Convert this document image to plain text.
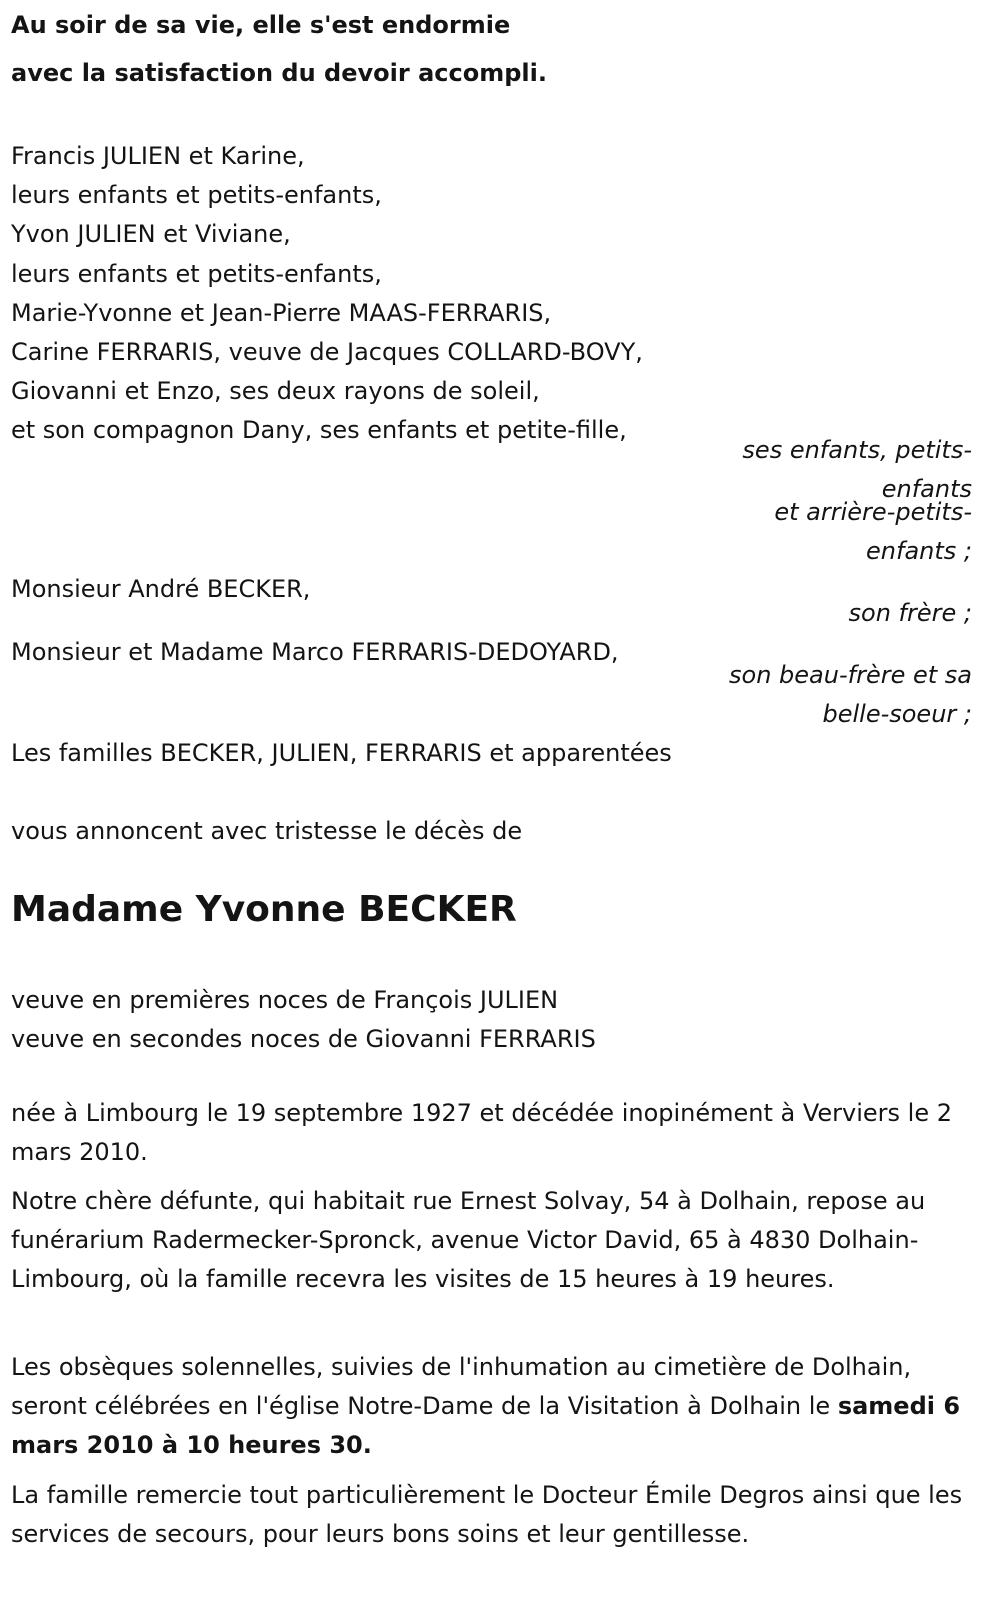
Au soir de sa vie, elle s'est endormie

avec la satisfaction du devoir accompli.

Francis JULIEN et Karine,
leurs enfants et petits-enfants,
Yvon JULIEN et Viviane,
leurs enfants et petits-enfants,
Marie-Yvonne et Jean-Pierre MAAS-FERRARIS,
Carine FERRARIS, veuve de Jacques COLLARD-BOVY,
Giovanni et Enzo, ses deux rayons de soleil,
et son compagnon Dany, ses enfants et petite-fille,

ses enfants, petits-

enfants

et arrière-petits-

enfants ;

Monsieur André BECKER,

son frère ;

Monsieur et Madame Marco FERRARIS-DEDOYARD,

son beau-frère et sa

belle-soeur ;

Les familles BECKER, JULIEN, FERRARIS et apparentées

vous annoncent avec tristesse le décès de

Madame Yvonne BECKER
veuve en premières noces de François JULIEN
veuve en secondes noces de Giovanni FERRARIS

née à Limbourg le 19 septembre 1927 et décédée inopinément à Verviers le 2 mars 2010.

Notre chère défunte, qui habitait rue Ernest Solvay, 54 à Dolhain, repose au funérarium Radermecker-Spronck, avenue Victor David, 65 à 4830 Dolhain-Limbourg, où la famille recevra les visites de 15 heures à 19 heures.

Les obsèques solennelles, suivies de l'inhumation au cimetière de Dolhain, seront célébrées en l'église Notre-Dame de la Visitation à Dolhain le samedi 6 mars 2010 à 10 heures 30.

La famille remercie tout particulièrement le Docteur Émile Degros ainsi que les services de secours, pour leurs bons soins et leur gentillesse.
